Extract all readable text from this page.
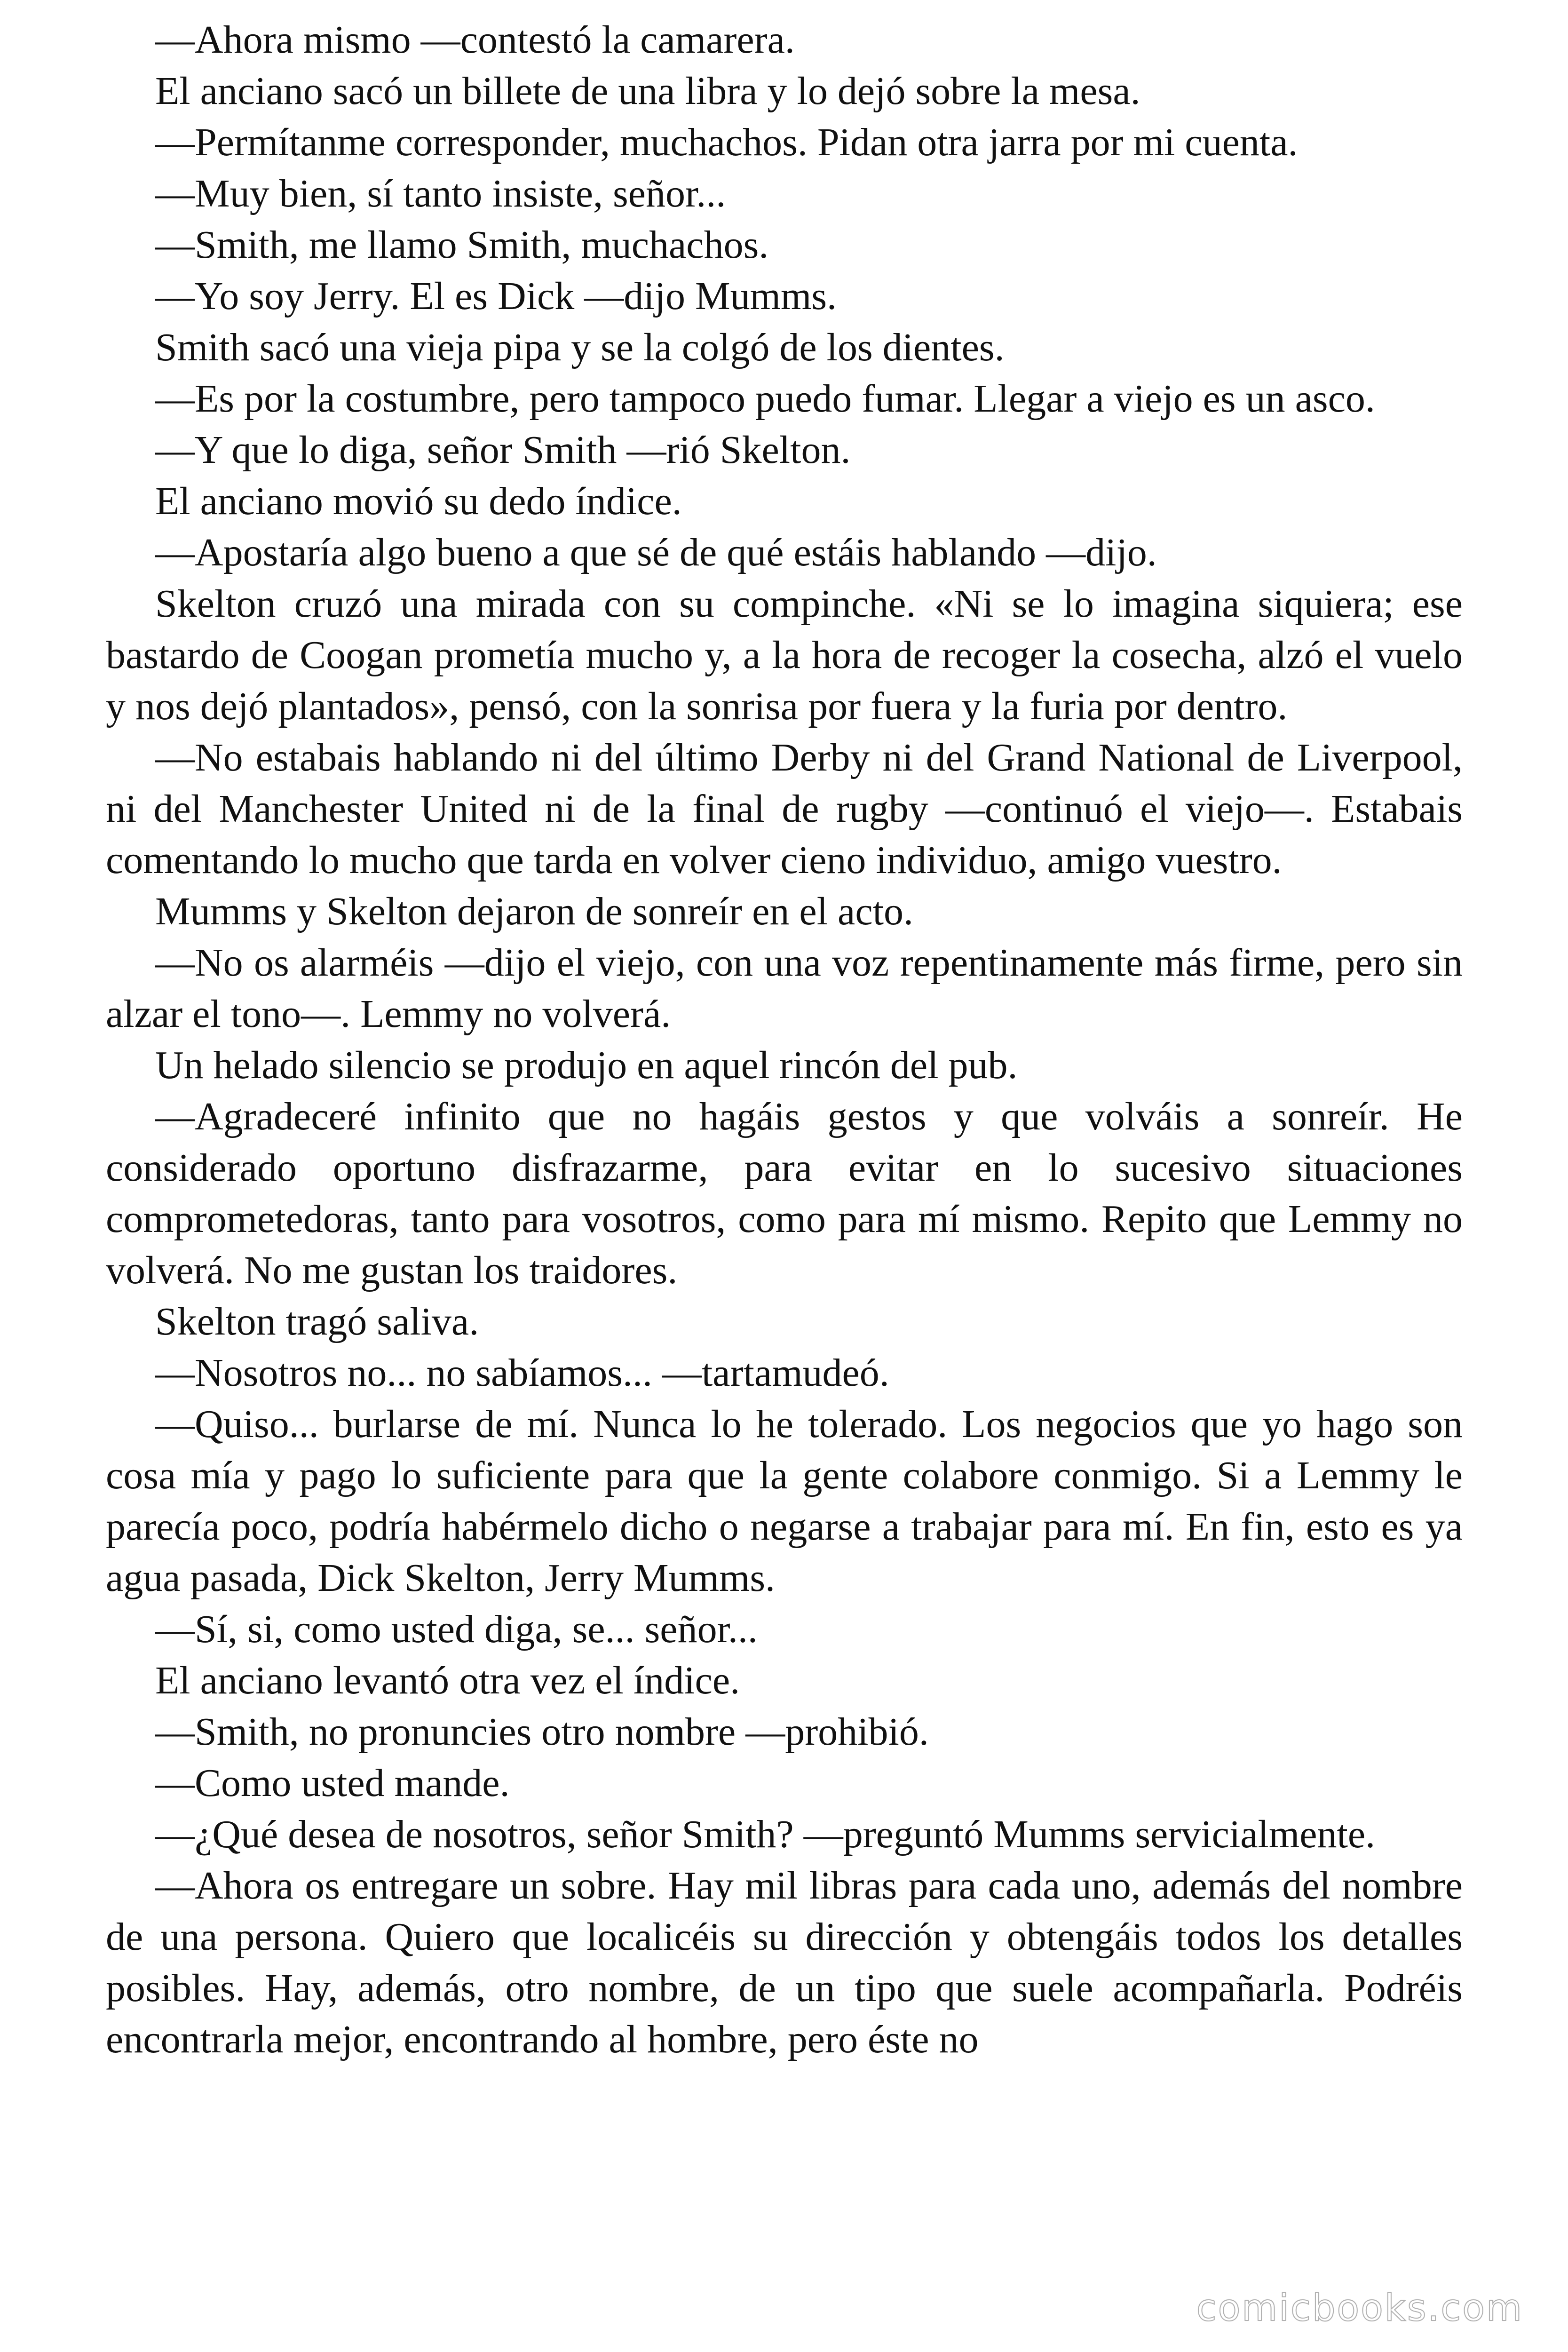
—Ahora mismo —contestó la camarera.

El anciano sacó un billete de una libra y lo dejó sobre la mesa.

—Permítanme corresponder, muchachos. Pidan otra jarra por mi cuenta.

—Muy bien, sí tanto insiste, señor...

—Smith, me llamo Smith, muchachos.

—Yo soy Jerry. El es Dick —dijo Mumms.

Smith sacó una vieja pipa y se la colgó de los dientes.

—Es por la costumbre, pero tampoco puedo fumar. Llegar a viejo es un asco.

—Y que lo diga, señor Smith —rió Skelton.

El anciano movió su dedo índice.

—Apostaría algo bueno a que sé de qué estáis hablando —dijo.

Skelton cruzó una mirada con su compinche. «Ni se lo imagina siquiera; ese bastardo de Coogan prometía mucho y, a la hora de recoger la cosecha, alzó el vuelo y nos dejó plantados», pensó, con la sonrisa por fuera y la furia por dentro.

—No estabais hablando ni del último Derby ni del Grand National de Liverpool, ni del Manchester United ni de la final de rugby —continuó el viejo—. Estabais comentando lo mucho que tarda en volver cieno individuo, amigo vuestro.

Mumms y Skelton dejaron de sonreír en el acto.

—No os alarméis —dijo el viejo, con una voz repentinamente más firme, pero sin alzar el tono—. Lemmy no volverá.

Un helado silencio se produjo en aquel rincón del pub.

—Agradeceré infinito que no hagáis gestos y que volváis a sonreír. He considerado oportuno disfrazarme, para evitar en lo sucesivo situaciones comprometedoras, tanto para vosotros, como para mí mismo. Repito que Lemmy no volverá. No me gustan los traidores.

Skelton tragó saliva.

—Nosotros no... no sabíamos... —tartamudeó.

—Quiso... burlarse de mí. Nunca lo he tolerado. Los negocios que yo hago son cosa mía y pago lo suficiente para que la gente colabore conmigo. Si a Lemmy le parecía poco, podría habérmelo dicho o negarse a trabajar para mí. En fin, esto es ya agua pasada, Dick Skelton, Jerry Mumms.

—Sí, si, como usted diga, se... señor...

El anciano levantó otra vez el índice.

—Smith, no pronuncies otro nombre —prohibió.

—Como usted mande.

—¿Qué desea de nosotros, señor Smith? —preguntó Mumms servicialmente.

—Ahora os entregare un sobre. Hay mil libras para cada uno, además del nombre de una persona. Quiero que localicéis su dirección y obtengáis todos los detalles posibles. Hay, además, otro nombre, de un tipo que suele acompañarla. Podréis encontrarla mejor, encontrando al hombre, pero éste no

comicbooks.com
